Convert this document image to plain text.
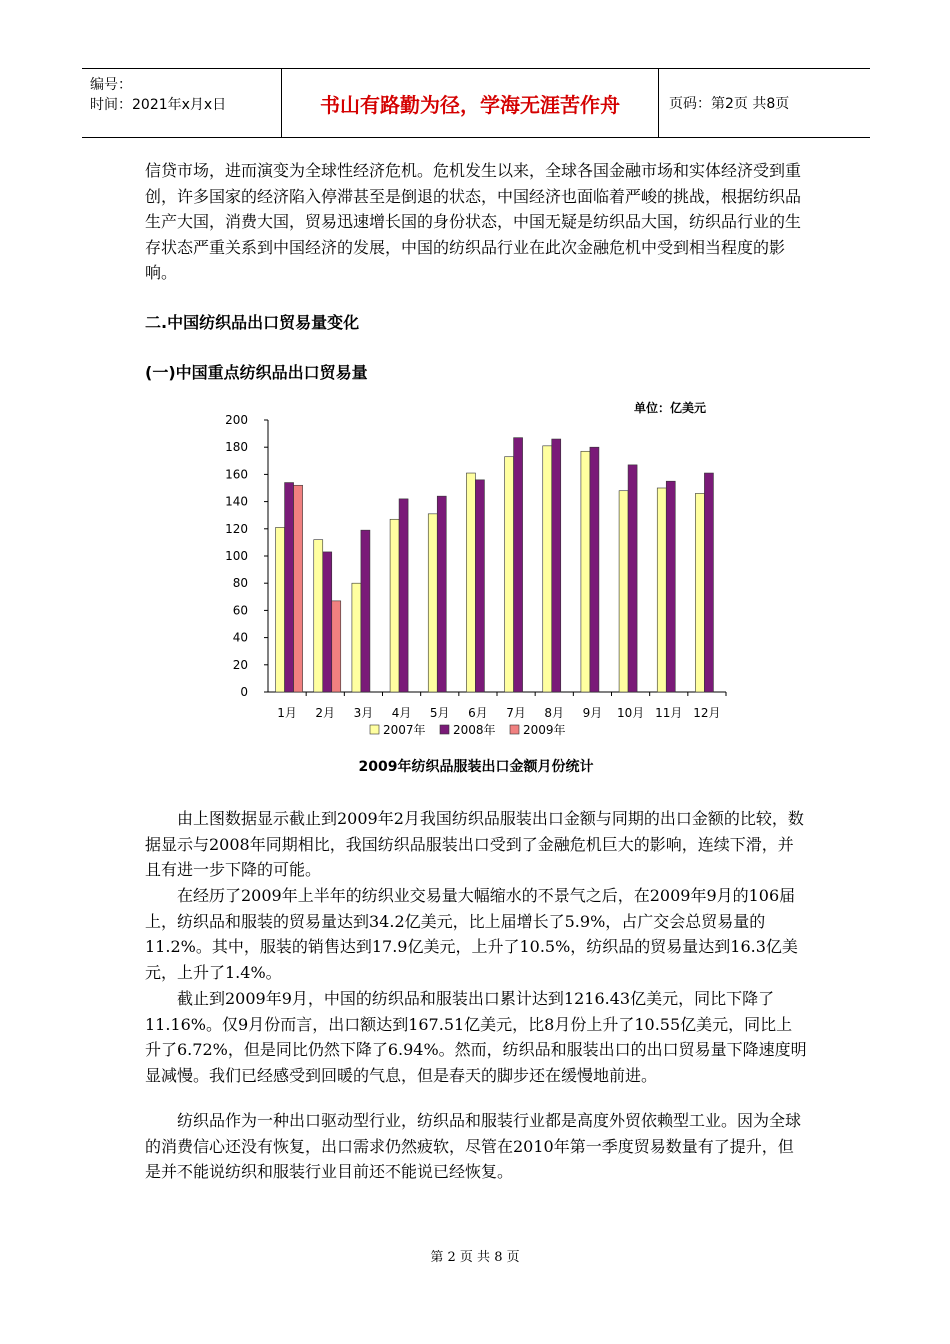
编号：
时间：2021年x月x日	书山有路勤为径，学海无涯苦作舟	页码：第2页 共8页

信贷市场，进而演变为全球性经济危机。危机发生以来，全球各国金融市场和实体经济受到重创，许多国家的经济陷入停滞甚至是倒退的状态，中国经济也面临着严峻的挑战，根据纺织品生产大国，消费大国，贸易迅速增长国的身份状态，中国无疑是纺织品大国，纺织品行业的生存状态严重关系到中国经济的发展，中国的纺织品行业在此次金融危机中受到相当程度的影响。

二.中国纺织品出口贸易量变化

(一)中国重点纺织品出口贸易量

单位：亿美元
0
20
40
60
80
100
120
140
160
180
200
1月 2月 3月 4月 5月 6月 7月 8月 9月 10月 11月 12月
2007年 2008年 2009年
2009年纺织品服装出口金额月份统计

由上图数据显示截止到2009年2月我国纺织品服装出口金额与同期的出口金额的比较，数据显示与2008年同期相比，我国纺织品服装出口受到了金融危机巨大的影响，连续下滑，并且有进一步下降的可能。

在经历了2009年上半年的纺织业交易量大幅缩水的不景气之后，在2009年9月的106届上，纺织品和服装的贸易量达到34.2亿美元，比上届增长了5.9%，占广交会总贸易量的11.2%。其中，服装的销售达到17.9亿美元，上升了10.5%，纺织品的贸易量达到16.3亿美元，上升了1.4%。

截止到2009年9月，中国的纺织品和服装出口累计达到1216.43亿美元，同比下降了11.16%。仅9月份而言，出口额达到167.51亿美元，比8月份上升了10.55亿美元，同比上升了6.72%，但是同比仍然下降了6.94%。然而，纺织品和服装出口的出口贸易量下降速度明显减慢。我们已经感受到回暖的气息，但是春天的脚步还在缓慢地前进。

纺织品作为一种出口驱动型行业，纺织品和服装行业都是高度外贸依赖型工业。因为全球的消费信心还没有恢复，出口需求仍然疲软，尽管在2010年第一季度贸易数量有了提升，但是并不能说纺织和服装行业目前还不能说已经恢复。

第 2 页 共 8 页
